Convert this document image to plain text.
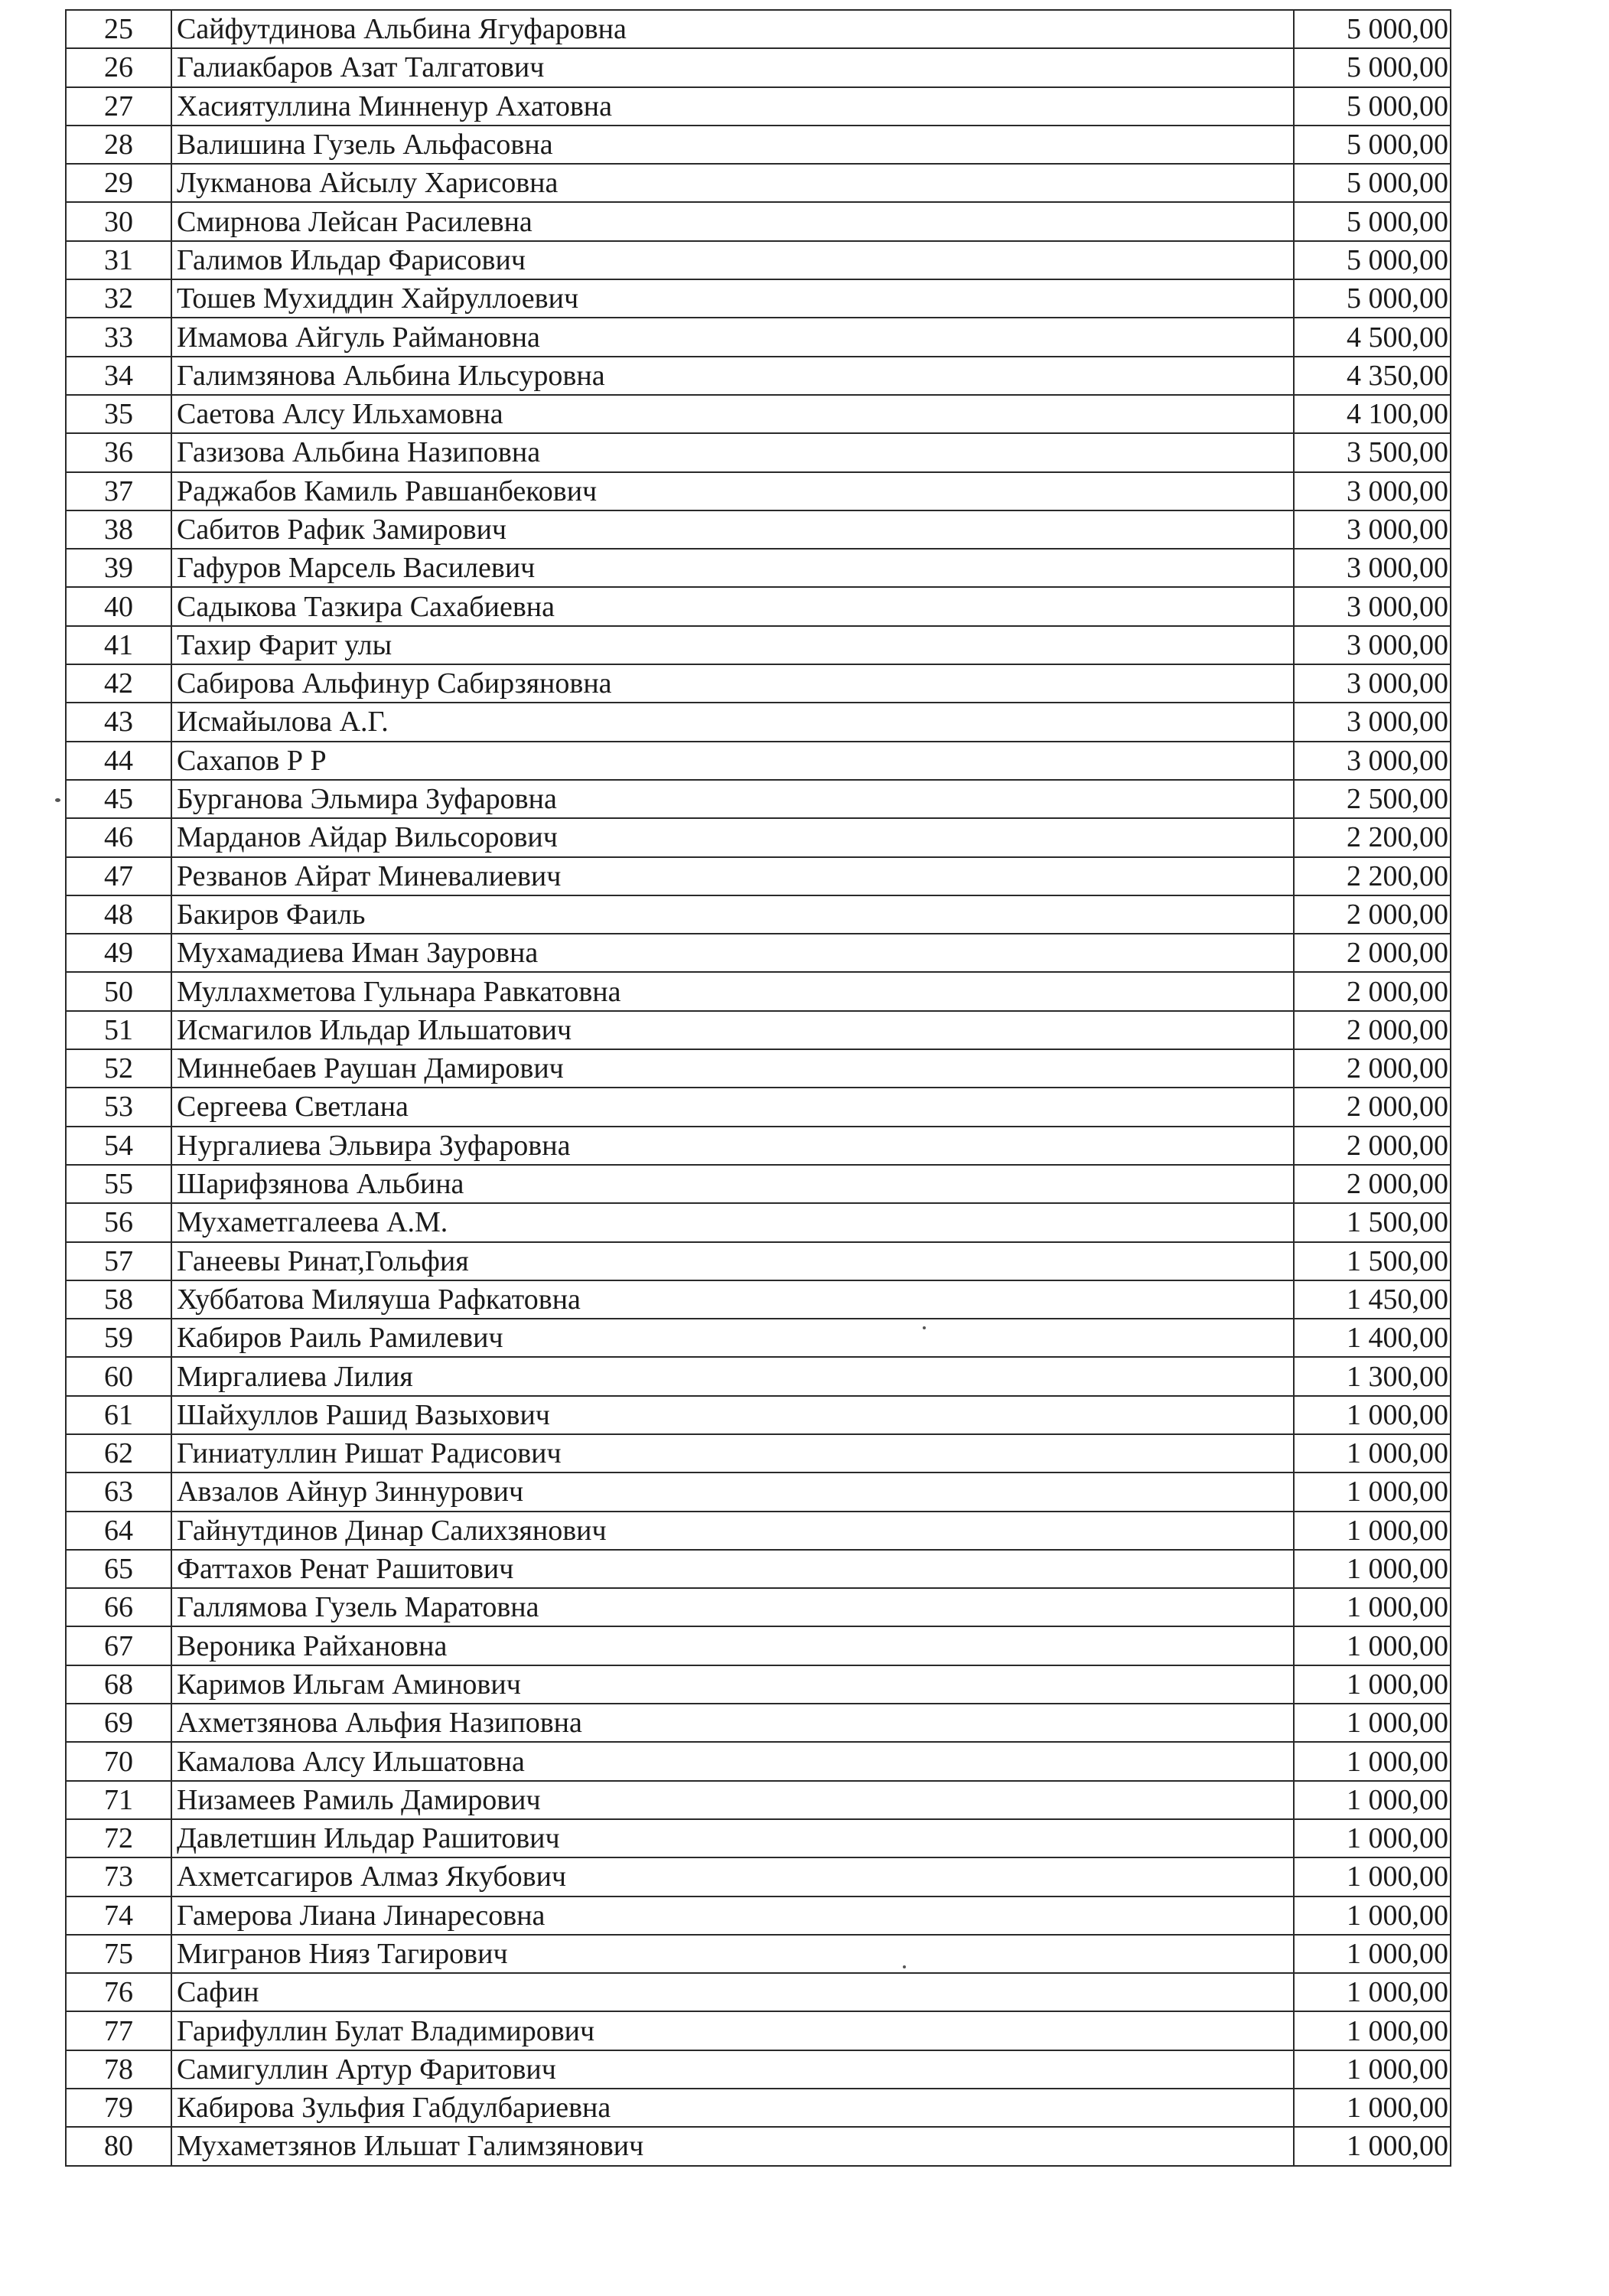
25	Сайфутдинова Альбина Ягуфаровна	5 000,00
26	Галиакбаров Азат Талгатович	5 000,00
27	Хасиятуллина Минненур Ахатовна	5 000,00
28	Валишина Гузель Альфасовна	5 000,00
29	Лукманова Айсылу Харисовна	5 000,00
30	Смирнова Лейсан Расилевна	5 000,00
31	Галимов Ильдар Фарисович	5 000,00
32	Тошев Мухиддин Хайруллоевич	5 000,00
33	Имамова Айгуль Раймановна	4 500,00
34	Галимзянова Альбина Ильсуровна	4 350,00
35	Саетова Алсу Ильхамовна	4 100,00
36	Газизова Альбина Назиповна	3 500,00
37	Раджабов Камиль Равшанбекович	3 000,00
38	Сабитов Рафик Замирович	3 000,00
39	Гафуров Марсель Василевич	3 000,00
40	Садыкова Тазкира Сахабиевна	3 000,00
41	Тахир Фарит улы	3 000,00
42	Сабирова Альфинур Сабирзяновна	3 000,00
43	Исмайылова А.Г.	3 000,00
44	Сахапов Р Р	3 000,00
45	Бурганова Эльмира Зуфаровна	2 500,00
46	Марданов Айдар Вильсорович	2 200,00
47	Резванов Айрат Миневалиевич	2 200,00
48	Бакиров Фаиль	2 000,00
49	Мухамадиева Иман Зауровна	2 000,00
50	Муллахметова Гульнара Равкатовна	2 000,00
51	Исмагилов Ильдар Ильшатович	2 000,00
52	Миннебаев Раушан Дамирович	2 000,00
53	Сергеева Светлана	2 000,00
54	Нургалиева Эльвира Зуфаровна	2 000,00
55	Шарифзянова Альбина	2 000,00
56	Мухаметгалеева А.М.	1 500,00
57	Ганеевы Ринат,Гольфия	1 500,00
58	Хуббатова Миляуша Рафкатовна	1 450,00
59	Кабиров Раиль Рамилевич	1 400,00
60	Миргалиева Лилия	1 300,00
61	Шайхуллов Рашид Вазыхович	1 000,00
62	Гиниатуллин Ришат Радисович	1 000,00
63	Авзалов Айнур Зиннурович	1 000,00
64	Гайнутдинов Динар Салихзянович	1 000,00
65	Фаттахов Ренат Рашитович	1 000,00
66	Галлямова Гузель Маратовна	1 000,00
67	Вероника Райхановна	1 000,00
68	Каримов Ильгам Аминович	1 000,00
69	Ахметзянова Альфия Назиповна	1 000,00
70	Камалова Алсу Ильшатовна	1 000,00
71	Низамеев Рамиль Дамирович	1 000,00
72	Давлетшин Ильдар Рашитович	1 000,00
73	Ахметсагиров Алмаз Якубович	1 000,00
74	Гамерова Лиана Линаресовна	1 000,00
75	Мигранов Нияз Тагирович	1 000,00
76	Сафин	1 000,00
77	Гарифуллин Булат Владимирович	1 000,00
78	Самигуллин Артур Фаритович	1 000,00
79	Кабирова Зульфия Габдулбариевна	1 000,00
80	Мухаметзянов Ильшат Галимзянович	1 000,00
